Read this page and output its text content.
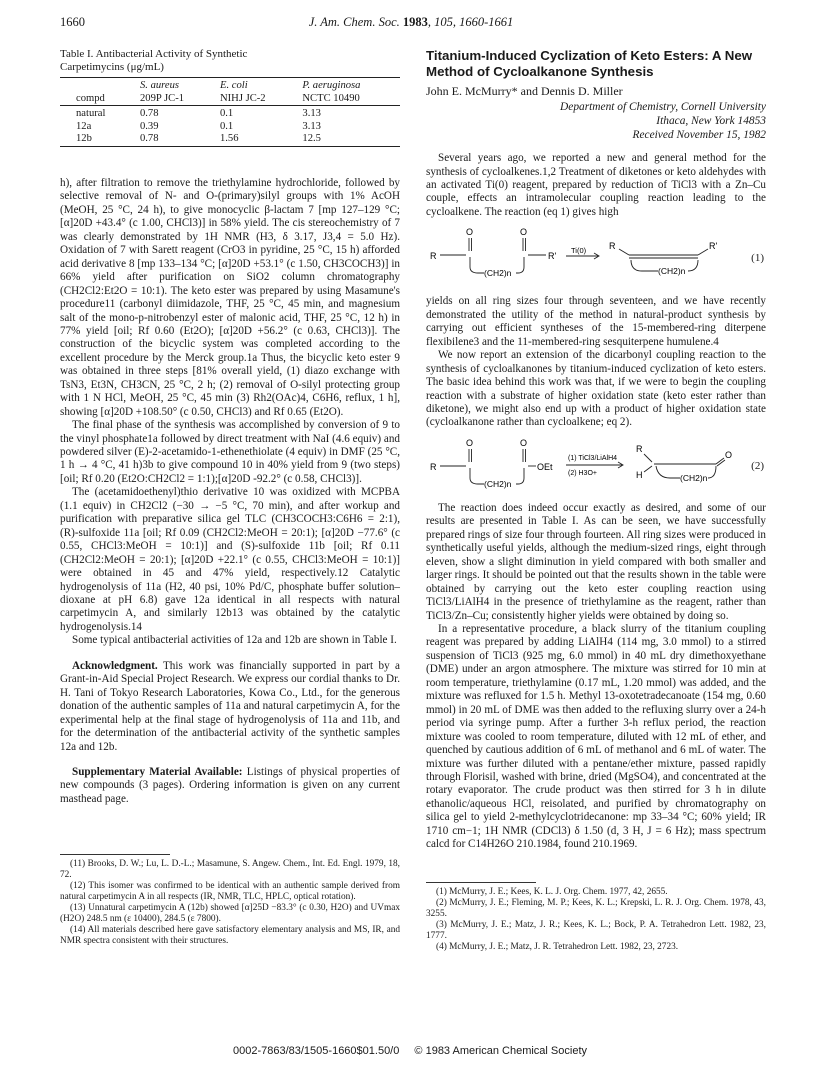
1660	J. Am. Chem. Soc. 1983, 105, 1660-1661
Table I. Antibacterial Activity of Synthetic
Carpetimycins (μg/mL)

	S. aureus	E. coli	P. aeruginosa
compd	209P JC-1	NIHJ JC-2	NCTC 10490

natural	0.78	0.1	3.13
12a	0.39	0.1	3.13
12b	0.78	1.56	12.5

h), after filtration to remove the triethylamine hydrochloride, followed by selective removal of N- and O-(primary)silyl groups with 1% AcOH (MeOH, 25 °C, 24 h), to give monocyclic β-lactam 7 [mp 127–129 °C; [α]20D +43.4° (c 1.00, CHCl3)] in 58% yield. The cis stereochemistry of 7 was clearly demonstrated by 1H NMR (H3, δ 3.17, J3,4 = 5.0 Hz). Oxidation of 7 with Sarett reagent (CrO3 in pyridine, 25 °C, 15 h) afforded acid derivative 8 [mp 133–134 °C; [α]20D +53.1° (c 1.50, CH3COCH3)] in 66% yield after purification on SiO2 column chromatography (CH2Cl2:Et2O = 10:1). The keto ester was prepared by using Masamune's procedure11 (carbonyl diimidazole, THF, 25 °C, 45 min, and magnesium salt of the mono-p-nitrobenzyl ester of malonic acid, THF, 25 °C, 12 h) in 77% yield [oil; Rf 0.60 (Et2O); [α]20D +56.2° (c 0.63, CHCl3)]. The construction of the bicyclic system was completed according to the excellent procedure by the Merck group.1a Thus, the bicyclic keto ester 9 was obtained in three steps [81% overall yield, (1) diazo exchange with TsN3, Et3N, CH3CN, 25 °C, 2 h; (2) removal of O-silyl protecting group with 1 N HCl, MeOH, 25 °C, 45 min (3) Rh2(OAc)4, C6H6, reflux, 1 h], showing [α]20D +108.50° (c 0.50, CHCl3) and Rf 0.65 (Et2O).

The final phase of the synthesis was accomplished by conversion of 9 to the vinyl phosphate1a followed by direct treatment with NaI (4.6 equiv) and powdered silver (E)-2-acetamido-1-ethenethiolate (4 equiv) in DMF (25 °C, 1 h → 4 °C, 41 h)3b to give compound 10 in 40% yield from 9 (two steps) [oil; Rf 0.20 (Et2O:CH2Cl2 = 1:1);[α]20D -92.2° (c 0.58, CHCl3)].

The (acetamidoethenyl)thio derivative 10 was oxidized with MCPBA (1.1 equiv) in CH2Cl2 (−30 → −5 °C, 70 min), and after workup and purification with preparative silica gel TLC (CH3COCH3:C6H6 = 2:1), (R)-sulfoxide 11a [oil; Rf 0.09 (CH2Cl2:MeOH = 20:1); [α]20D −77.6° (c 0.55, CHCl3:MeOH = 10:1)] and (S)-sulfoxide 11b [oil; Rf 0.11 (CH2Cl2:MeOH = 20:1); [α]20D +22.1° (c 0.55, CHCl3:MeOH = 10:1)] were obtained in 45 and 47% yield, respectively.12 Catalytic hydrogenolysis of 11a (H2, 40 psi, 10% Pd/C, phosphate buffer solution–dioxane at pH 6.8) gave 12a identical in all respects with natural carpetimycin A, and similarly 12b13 was obtained by the catalytic hydrogenolysis.14

Some typical antibacterial activities of 12a and 12b are shown in Table I.

Acknowledgment. This work was financially supported in part by a Grant-in-Aid Special Project Research. We express our cordial thanks to Dr. H. Tani of Tokyo Research Laboratories, Kowa Co., Ltd., for the generous donation of the authentic samples of 11a and natural carpetimycin A, for the experimental help at the final stage of hydrogenolysis of 11a and 11b, and for the determination of the antibacterial activity of the synthetic samples 12a and 12b.

Supplementary Material Available: Listings of physical properties of new compounds (3 pages). Ordering information is given on any current masthead page.

(11) Brooks, D. W.; Lu, L. D.-L.; Masamune, S. Angew. Chem., Int. Ed. Engl. 1979, 18, 72.

(12) This isomer was confirmed to be identical with an authentic sample derived from natural carpetimycin A in all respects (IR, NMR, TLC, HPLC, optical rotation).

(13) Unnatural carpetimycin A (12b) showed [α]25D −83.3° (c 0.30, H2O) and UVmax (H2O) 248.5 nm (ε 10400), 284.5 (ε 7800).

(14) All materials described here gave satisfactory elementary analysis and MS, IR, and NMR spectra consistent with their structures.

Titanium-Induced Cyclization of Keto Esters: A New
Method of Cycloalkanone Synthesis
John E. McMurry* and Dennis D. Miller
Department of Chemistry, Cornell University
Ithaca, New York 14853
Received November 15, 1982

Several years ago, we reported a new and general method for the synthesis of cycloalkenes.1,2 Treatment of diketones or keto aldehydes with an activated Ti(0) reagent, prepared by reduction of TiCl3 with a Zn–Cu couple, effects an intramolecular coupling reaction leading to the cycloalkene. The reaction (eq 1) gives high

O	O
R	R'
(CH2)n
Ti(0)	R	R'
(CH2)n
(1)

yields on all ring sizes four through seventeen, and we have recently demonstrated the utility of the method in natural-product synthesis by carrying out efficient syntheses of the 15-membered-ring diterpene flexibilene3 and the 11-membered-ring sesquiterpene humulene.4

We now report an extension of the dicarbonyl coupling reaction to the synthesis of cycloalkanones by titanium-induced cyclization of keto esters. The basic idea behind this work was that, if we were to begin the coupling reaction with a substrate of higher oxidation state (keto ester rather than diketone), we might also end up with a product of higher oxidation state (cycloalkanone rather than cycloalkene; eq 2).

O	O
R	OEt
(CH2)n
(1) TiCl3/LiAlH4
(2) H3O+
R
H
O
(CH2)n
(2)

The reaction does indeed occur exactly as desired, and some of our results are presented in Table I. As can be seen, we have successfully prepared rings of size four through fourteen. All ring sizes were produced in synthetically useful yields, although the medium-sized rings, eight through eleven, show a slight diminution in yield compared with both smaller and larger rings. It should be pointed out that the results shown in the table were obtained by carrying out the keto ester coupling reaction using TiCl3/LiAlH4 in the presence of triethylamine as the reagent, rather than TiCl3/Zn–Cu; consistently higher yields were obtained by doing so.

In a representative procedure, a black slurry of the titanium coupling reagent was prepared by adding LiAlH4 (114 mg, 3.0 mmol) to a stirred suspension of TiCl3 (925 mg, 6.0 mmol) in 40 mL dry dimethoxyethane (DME) under an argon atmosphere. The mixture was stirred for 10 min at room temperature, triethylamine (0.17 mL, 1.20 mmol) was added, and the mixture was refluxed for 1.5 h. Methyl 13-oxotetradecanoate (154 mg, 0.60 mmol) in 20 mL of DME was then added to the refluxing slurry over a 24-h period via syringe pump. After a further 3-h reflux period, the reaction mixture was cooled to room temperature, diluted with 12 mL of ether, and quenched by cautious addition of 6 mL of methanol and 6 mL of water. The mixture was further diluted with a pentane/ether mixture, passed rapidly through Florisil, washed with brine, dried (MgSO4), and concentrated at the rotary evaporator. The crude product was then stirred for 3 h in dilute ethanolic/aqueous HCl, reisolated, and purified by chromatography on silica gel to yield 2-methylcyclotridecanone: mp 33–34 °C; 60% yield; IR 1710 cm−1; 1H NMR (CDCl3) δ 1.50 (d, 3 H, J = 6 Hz); mass spectrum calcd for C14H26O 210.1984, found 210.1969.

(1) McMurry, J. E.; Kees, K. L. J. Org. Chem. 1977, 42, 2655.

(2) McMurry, J. E.; Fleming, M. P.; Kees, K. L.; Krepski, L. R. J. Org. Chem. 1978, 43, 3255.

(3) McMurry, J. E.; Matz, J. R.; Kees, K. L.; Bock, P. A. Tetrahedron Lett. 1982, 23, 1777.

(4) McMurry, J. E.; Matz, J. R. Tetrahedron Lett. 1982, 23, 2723.

0002-7863/83/1505-1660$01.50/0 © 1983 American Chemical Society
